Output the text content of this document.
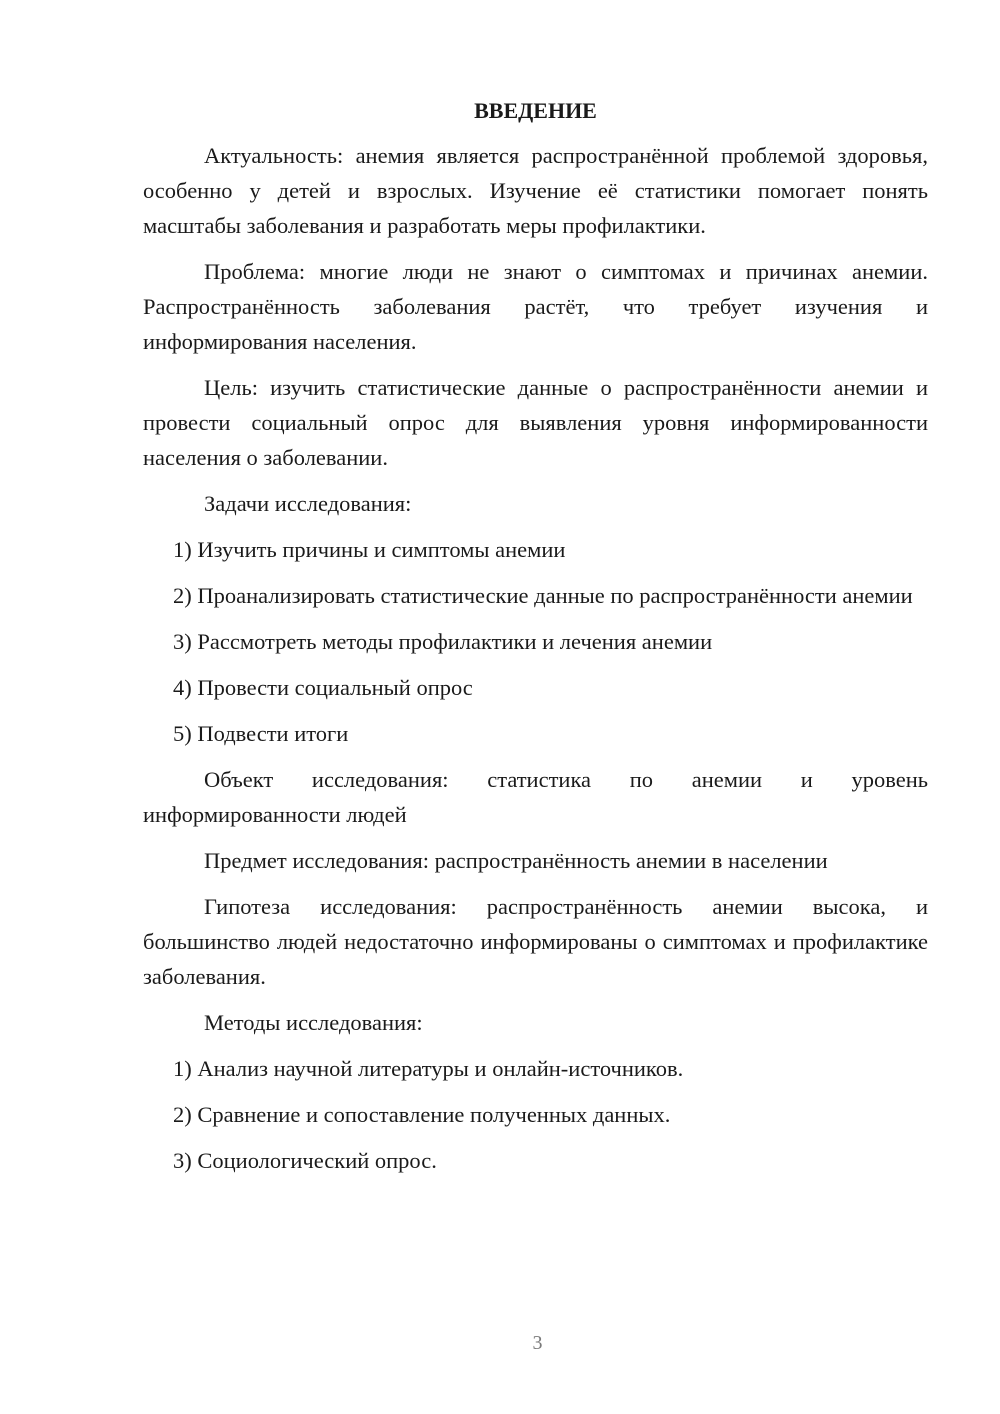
ВВЕДЕНИЕ

Актуальность: анемия является распространённой проблемой здоровья, особенно у детей и взрослых. Изучение её статистики помогает понять масштабы заболевания и разработать меры профилактики.

Проблема: многие люди не знают о симптомах и причинах анемии. Распространённость заболевания растёт, что требует изучения и информирования населения.

Цель: изучить статистические данные о распространённости анемии и провести социальный опрос для выявления уровня информированности населения о заболевании.

Задачи исследования:

1) Изучить причины и симптомы анемии

2) Проанализировать статистические данные по распространённости анемии

3) Рассмотреть методы профилактики и лечения анемии

4) Провести социальный опрос

5) Подвести итоги

Объект исследования: статистика по анемии и уровень информированности людей

Предмет исследования: распространённость анемии в населении

Гипотеза исследования: распространённость анемии высока, и большинство людей недостаточно информированы о симптомах и профилактике заболевания.

Методы исследования:

1) Анализ научной литературы и онлайн-источников.

2) Сравнение и сопоставление полученных данных.

3) Социологический опрос.

3
